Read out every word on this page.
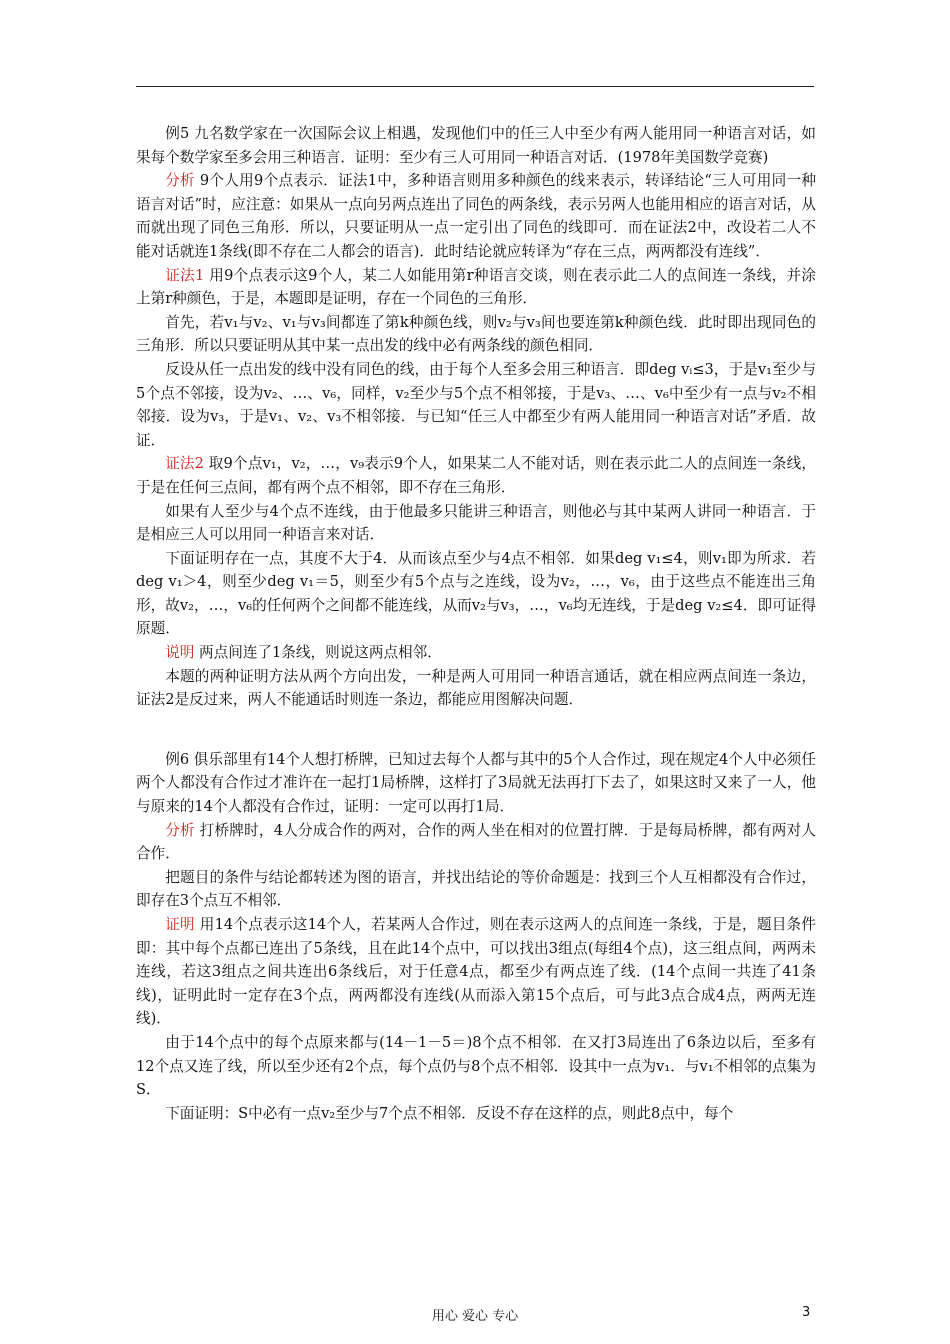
例5 九名数学家在一次国际会议上相遇，发现他们中的任三人中至少有两人能用同一种语言对话，如果每个数学家至多会用三种语言．证明：至少有三人可用同一种语言对话．(1978年美国数学竞赛)

分析 9个人用9个点表示．证法1中，多种语言则用多种颜色的线来表示，转译结论“三人可用同一种语言对话”时，应注意：如果从一点向另两点连出了同色的两条线，表示另两人也能用相应的语言对话，从而就出现了同色三角形．所以，只要证明从一点一定引出了同色的线即可．而在证法2中，改设若二人不能对话就连1条线(即不存在二人都会的语言)．此时结论就应转译为“存在三点，两两都没有连线”．

证法1 用9个点表示这9个人，某二人如能用第r种语言交谈，则在表示此二人的点间连一条线，并涂上第r种颜色，于是，本题即是证明，存在一个同色的三角形．

首先，若v₁与v₂、v₁与v₃间都连了第k种颜色线，则v₂与v₃间也要连第k种颜色线．此时即出现同色的三角形．所以只要证明从其中某一点出发的线中必有两条线的颜色相同．

反设从任一点出发的线中没有同色的线，由于每个人至多会用三种语言．即deg vᵢ≤3，于是v₁至少与5个点不邻接，设为v₂、…、v₆，同样，v₂至少与5个点不相邻接，于是v₃、…、v₆中至少有一点与v₂不相邻接．设为v₃，于是v₁、v₂、v₃不相邻接．与已知“任三人中都至少有两人能用同一种语言对话”矛盾．故证．

证法2 取9个点v₁，v₂，…，v₉表示9个人，如果某二人不能对话，则在表示此二人的点间连一条线，于是在任何三点间，都有两个点不相邻，即不存在三角形．

如果有人至少与4个点不连线，由于他最多只能讲三种语言，则他必与其中某两人讲同一种语言．于是相应三人可以用同一种语言来对话．

下面证明存在一点，其度不大于4．从而该点至少与4点不相邻．如果deg v₁≤4，则v₁即为所求．若deg v₁＞4，则至少deg v₁＝5，则至少有5个点与之连线，设为v₂，…，v₆，由于这些点不能连出三角形，故v₂，…，v₆的任何两个之间都不能连线，从而v₂与v₃，…，v₆均无连线，于是deg v₂≤4．即可证得原题．

说明 两点间连了1条线，则说这两点相邻．

本题的两种证明方法从两个方向出发，一种是两人可用同一种语言通话，就在相应两点间连一条边，证法2是反过来，两人不能通话时则连一条边，都能应用图解决问题．

例6 俱乐部里有14个人想打桥牌，已知过去每个人都与其中的5个人合作过，现在规定4个人中必须任两个人都没有合作过才准许在一起打1局桥牌，这样打了3局就无法再打下去了，如果这时又来了一人，他与原来的14个人都没有合作过，证明：一定可以再打1局．

分析 打桥牌时，4人分成合作的两对，合作的两人坐在相对的位置打牌．于是每局桥牌，都有两对人合作．

把题目的条件与结论都转述为图的语言，并找出结论的等价命题是：找到三个人互相都没有合作过，即存在3个点互不相邻．

证明 用14个点表示这14个人，若某两人合作过，则在表示这两人的点间连一条线，于是，题目条件即：其中每个点都已连出了5条线，且在此14个点中，可以找出3组点(每组4个点)，这三组点间，两两未连线，若这3组点之间共连出6条线后，对于任意4点，都至少有两点连了线．(14个点间一共连了41条线)，证明此时一定存在3个点，两两都没有连线(从而添入第15个点后，可与此3点合成4点，两两无连线)．

由于14个点中的每个点原来都与(14－1－5＝)8个点不相邻．在又打3局连出了6条边以后，至多有12个点又连了线，所以至少还有2个点，每个点仍与8个点不相邻．设其中一点为v₁．与v₁不相邻的点集为S．

下面证明：S中必有一点v₂至少与7个点不相邻．反设不存在这样的点，则此8点中，每个

用心 爱心 专心	3
